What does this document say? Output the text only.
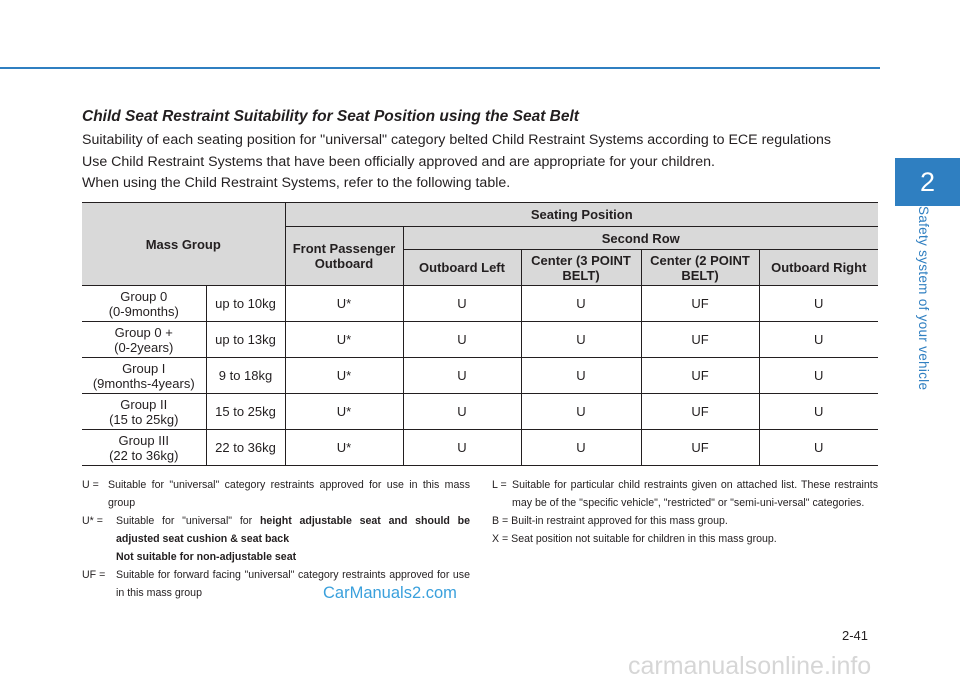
2
Safety system of your vehicle
Child Seat Restraint Suitability for Seat Position using the Seat Belt
Suitability of each seating position for "universal" category belted Child Restraint Systems according to ECE regulations
Use Child Restraint Systems that have been officially approved and are appropriate for your children.
When using the Child Restraint Systems, refer to the following table.
Mass Group		Seating Position				
		Front Passenger Outboard	Second Row			
			Outboard Left	Center (3 POINT BELT)	Center (2 POINT BELT)	Outboard Right
Group 0
(0-9months)	up to 10kg	U*	U	U	UF	U
Group 0 +
(0-2years)	up to 13kg	U*	U	U	UF	U
Group I
(9months-4years)	9 to 18kg	U*	U	U	UF	U
Group II
(15 to 25kg)	15 to 25kg	U*	U	U	UF	U
Group III
(22 to 36kg)	22 to 36kg	U*	U	U	UF	U
U = Suitable for "universal" category restraints approved for use in this mass group
U* =	Suitable for "universal" for height adjustable seat and should be adjusted seat cushion & seat back
Not suitable for non-adjustable seat
UF =	Suitable for forward facing "universal" category restraints approved for use in this mass group
L = Suitable for particular child restraints given on attached list. These restraints may be of the "specific vehicle", "restricted" or "semi-uni-versal" categories.
B = Built-in restraint approved for this mass group.
X = Seat position not suitable for children in this mass group.
CarManuals2.com
2-41
carmanualsonline.info
